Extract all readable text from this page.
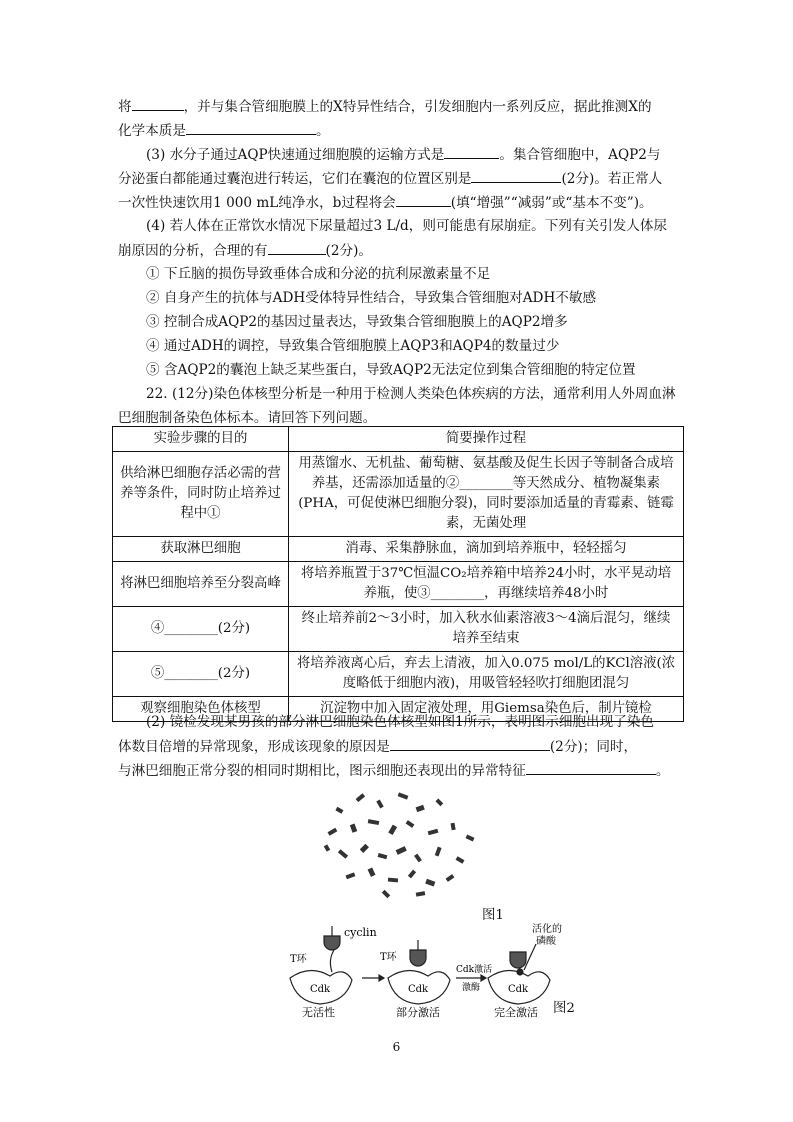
将	，并与集合管细胞膜上的X特异性结合，引发细胞内一系列反应，据此推测X的
化学本质是	。
(3) 水分子通过AQP快速通过细胞膜的运输方式是	。集合管细胞中，AQP2与
分泌蛋白都能通过囊泡进行转运，它们在囊泡的位置区别是	(2分)。若正常人
一次性快速饮用1 000 mL纯净水，b过程将会	(填“增强”“减弱”或“基本不变”)。
(4) 若人体在正常饮水情况下尿量超过3 L/d，则可能患有尿崩症。下列有关引发人体尿
崩原因的分析，合理的有	(2分)。
① 下丘脑的损伤导致垂体合成和分泌的抗利尿激素量不足
② 自身产生的抗体与ADH受体特异性结合，导致集合管细胞对ADH不敏感
③ 控制合成AQP2的基因过量表达，导致集合管细胞膜上的AQP2增多
④ 通过ADH的调控，导致集合管细胞膜上AQP3和AQP4的数量过少
⑤ 含AQP2的囊泡上缺乏某些蛋白，导致AQP2无法定位到集合管细胞的特定位置
22. (12分)染色体核型分析是一种用于检测人类染色体疾病的方法，通常利用人外周血淋
巴细胞制备染色体标本。请回答下列问题。
实验步骤的目的	简要操作过程
供给淋巴细胞存活必需的营养等条件，同时防止培养过程中①	用蒸馏水、无机盐、葡萄糖、氨基酸及促生长因子等制备合成培养基，还需添加适量的②________等天然成分、植物凝集素(PHA，可促使淋巴细胞分裂)，同时要添加适量的青霉素、链霉素，无菌处理
获取淋巴细胞	消毒、采集静脉血，滴加到培养瓶中，轻轻摇匀
将淋巴细胞培养至分裂高峰	将培养瓶置于37℃恒温CO₂培养箱中培养24小时，水平晃动培养瓶，使③________，再继续培养48小时
④________(2分)	终止培养前2～3小时，加入秋水仙素溶液3～4滴后混匀，继续培养至结束
⑤________(2分)	将培养液离心后，弃去上清液，加入0.075 mol/L的KCl溶液(浓度略低于细胞内液)，用吸管轻轻吹打细胞团混匀
观察细胞染色体核型	沉淀物中加入固定液处理，用Giemsa染色后，制片镜检
(2) 镜检发现某男孩的部分淋巴细胞染色体核型如图1所示，表明图示细胞出现了染色
体数目倍增的异常现象，形成该现象的原因是	(2分)；同时，
与淋巴细胞正常分裂的相同时期相比，图示细胞还表现出的异常特征	。
图1
cyclin
T环	T环
Cdk	Cdk	Cdk
无活性	部分激活	完全激活
Cdk激活
激酶
活化的
磷酸
图2
6
